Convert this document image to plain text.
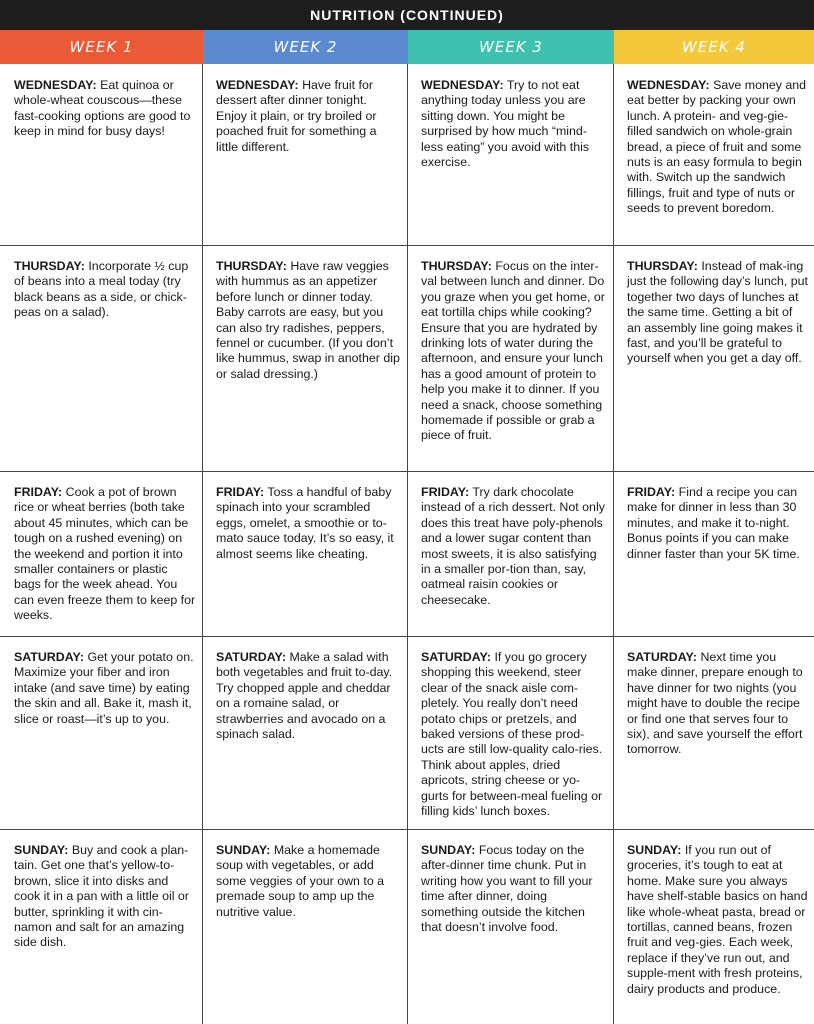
NUTRITION (CONTINUED)
WEEK 1	WEEK 2	WEEK 3	WEEK 4
WEDNESDAY: Eat quinoa or whole-wheat couscous—these fast-cooking options are good to keep in mind for busy days!
WEDNESDAY: Have fruit for dessert after dinner tonight. Enjoy it plain, or try broiled or poached fruit for something a little different.
WEDNESDAY: Try to not eat anything today unless you are sitting down. You might be surprised by how much “mind-less eating” you avoid with this exercise.
WEDNESDAY: Save money and eat better by packing your own lunch. A protein- and veg-gie-filled sandwich on whole-grain bread, a piece of fruit and some nuts is an easy formula to begin with. Switch up the sandwich fillings, fruit and type of nuts or seeds to prevent boredom.
THURSDAY: Incorporate ½ cup of beans into a meal today (try black beans as a side, or chick-peas on a salad).
THURSDAY: Have raw veggies with hummus as an appetizer before lunch or dinner today. Baby carrots are easy, but you can also try radishes, peppers, fennel or cucumber. (If you don’t like hummus, swap in another dip or salad dressing.)
THURSDAY: Focus on the inter-val between lunch and dinner. Do you graze when you get home, or eat tortilla chips while cooking? Ensure that you are hydrated by drinking lots of water during the afternoon, and ensure your lunch has a good amount of protein to help you make it to dinner. If you need a snack, choose something homemade if possible or grab a piece of fruit.
THURSDAY: Instead of mak-ing just the following day’s lunch, put together two days of lunches at the same time. Getting a bit of an assembly line going makes it fast, and you’ll be grateful to yourself when you get a day off.
FRIDAY: Cook a pot of brown rice or wheat berries (both take about 45 minutes, which can be tough on a rushed evening) on the weekend and portion it into smaller containers or plastic bags for the week ahead. You can even freeze them to keep for weeks.
FRIDAY: Toss a handful of baby spinach into your scrambled eggs, omelet, a smoothie or to-mato sauce today. It’s so easy, it almost seems like cheating.
FRIDAY: Try dark chocolate instead of a rich dessert. Not only does this treat have poly-phenols and a lower sugar content than most sweets, it is also satisfying in a smaller por-tion than, say, oatmeal raisin cookies or cheesecake.
FRIDAY: Find a recipe you can make for dinner in less than 30 minutes, and make it to-night. Bonus points if you can make dinner faster than your 5K time.
SATURDAY: Get your potato on. Maximize your fiber and iron intake (and save time) by eating the skin and all. Bake it, mash it, slice or roast—it’s up to you.
SATURDAY: Make a salad with both vegetables and fruit to-day. Try chopped apple and cheddar on a romaine salad, or strawberries and avocado on a spinach salad.
SATURDAY: If you go grocery shopping this weekend, steer clear of the snack aisle com-pletely. You really don’t need potato chips or pretzels, and baked versions of these prod-ucts are still low-quality calo-ries. Think about apples, dried apricots, string cheese or yo-gurts for between-meal fueling or filling kids’ lunch boxes.
SATURDAY: Next time you make dinner, prepare enough to have dinner for two nights (you might have to double the recipe or find one that serves four to six), and save yourself the effort tomorrow.
SUNDAY: Buy and cook a plan-tain. Get one that’s yellow-to-brown, slice it into disks and cook it in a pan with a little oil or butter, sprinkling it with cin-namon and salt for an amazing side dish.
SUNDAY: Make a homemade soup with vegetables, or add some veggies of your own to a premade soup to amp up the nutritive value.
SUNDAY: Focus today on the after-dinner time chunk. Put in writing how you want to fill your time after dinner, doing something outside the kitchen that doesn’t involve food.
SUNDAY: If you run out of groceries, it’s tough to eat at home. Make sure you always have shelf-stable basics on hand like whole-wheat pasta, bread or tortillas, canned beans, frozen fruit and veg-gies. Each week, replace if they’ve run out, and supple-ment with fresh proteins, dairy products and produce.
